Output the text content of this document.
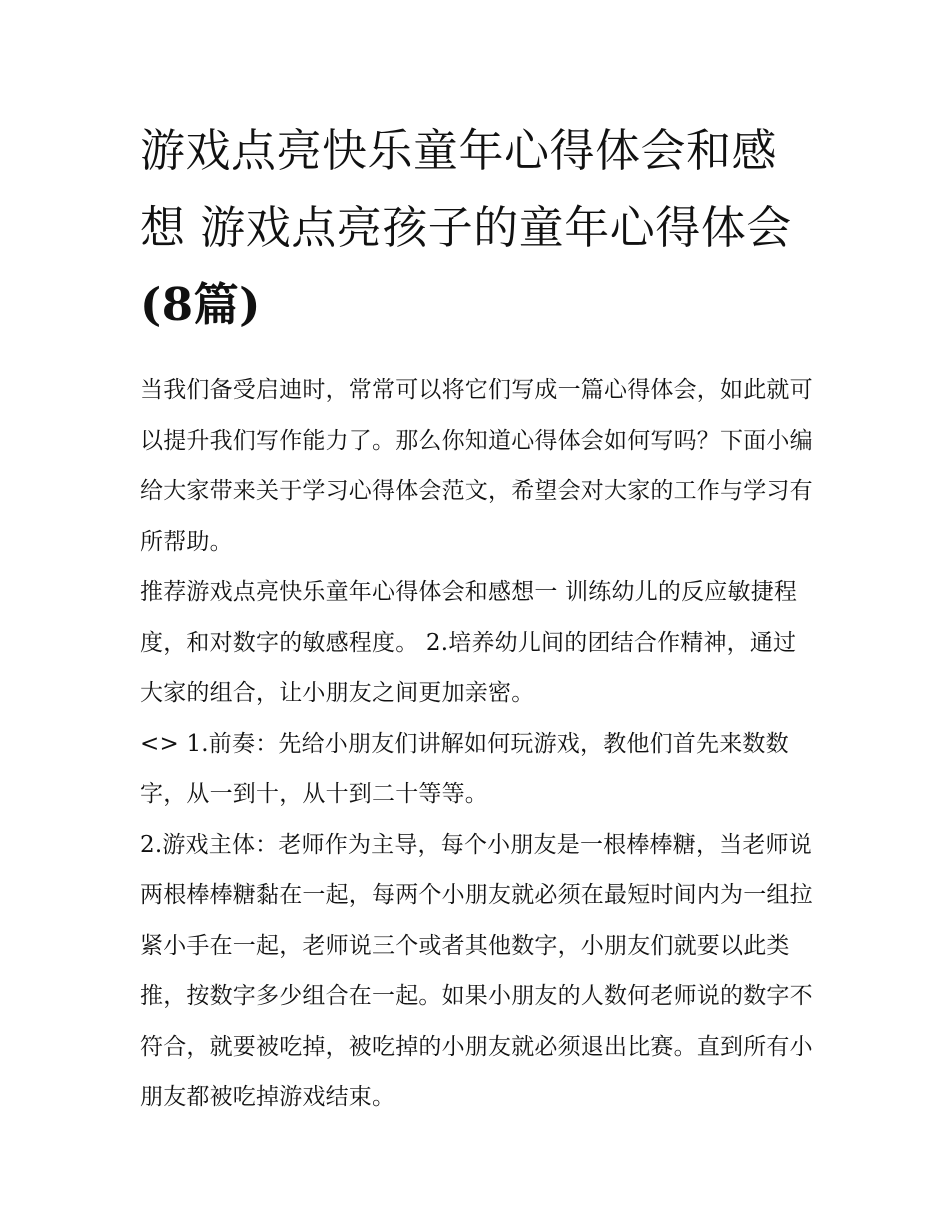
游戏点亮快乐童年心得体会和感想 游戏点亮孩子的童年心得体会(8篇)

当我们备受启迪时，常常可以将它们写成一篇心得体会，如此就可以提升我们写作能力了。那么你知道心得体会如何写吗？下面小编给大家带来关于学习心得体会范文，希望会对大家的工作与学习有所帮助。

推荐游戏点亮快乐童年心得体会和感想一 训练幼儿的反应敏捷程度，和对数字的敏感程度。 2.培养幼儿间的团结合作精神，通过大家的组合，让小朋友之间更加亲密。

<> 1.前奏：先给小朋友们讲解如何玩游戏，教他们首先来数数字，从一到十，从十到二十等等。

2.游戏主体：老师作为主导，每个小朋友是一根棒棒糖，当老师说两根棒棒糖黏在一起，每两个小朋友就必须在最短时间内为一组拉紧小手在一起，老师说三个或者其他数字，小朋友们就要以此类推，按数字多少组合在一起。如果小朋友的人数何老师说的数字不符合，就要被吃掉，被吃掉的小朋友就必须退出比赛。直到所有小朋友都被吃掉游戏结束。
